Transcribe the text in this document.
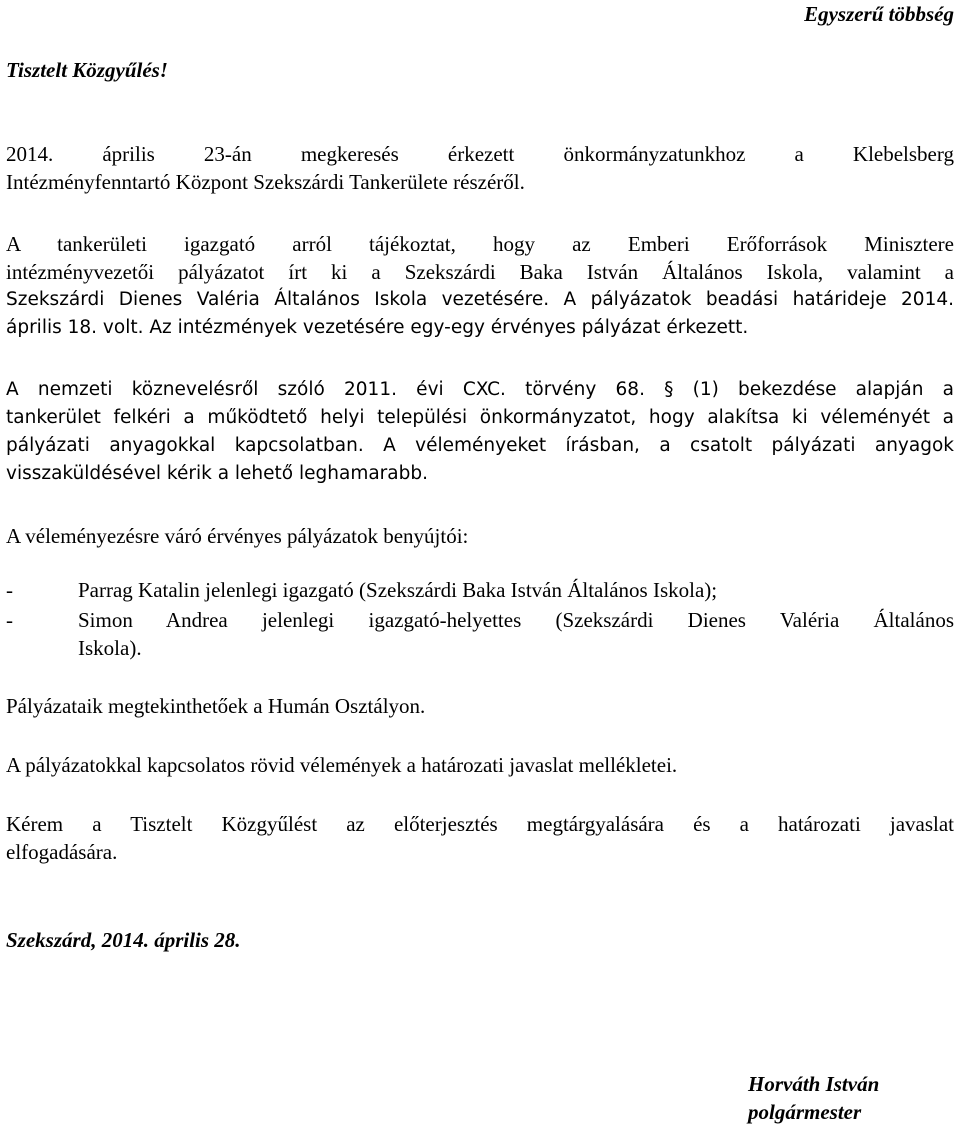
Egyszerű többség
Tisztelt Közgyűlés!
2014. április 23-án megkeresés érkezett önkormányzatunkhoz a Klebelsberg
Intézményfenntartó Központ Szekszárdi Tankerülete részéről.
A tankerületi igazgató arról tájékoztat, hogy az Emberi Erőforrások Minisztere
intézményvezetői pályázatot írt ki a Szekszárdi Baka István Általános Iskola, valamint a
Szekszárdi Dienes Valéria Általános Iskola vezetésére. A pályázatok beadási határideje 2014.
április 18. volt. Az intézmények vezetésére egy-egy érvényes pályázat érkezett.
A nemzeti köznevelésről szóló 2011. évi CXC. törvény 68. § (1) bekezdése alapján a
tankerület felkéri a működtető helyi települési önkormányzatot, hogy alakítsa ki véleményét a
pályázati anyagokkal kapcsolatban. A véleményeket írásban, a csatolt pályázati anyagok
visszaküldésével kérik a lehető leghamarabb.
A véleményezésre váró érvényes pályázatok benyújtói:
-	Parrag Katalin jelenlegi igazgató (Szekszárdi Baka István Általános Iskola);
-	Simon Andrea jelenlegi igazgató-helyettes (Szekszárdi Dienes Valéria Általános
Iskola).
Pályázataik megtekinthetőek a Humán Osztályon.
A pályázatokkal kapcsolatos rövid vélemények a határozati javaslat mellékletei.
Kérem a Tisztelt Közgyűlést az előterjesztés megtárgyalására és a határozati javaslat
elfogadására.
Szekszárd, 2014. április 28.
Horváth István
polgármester
